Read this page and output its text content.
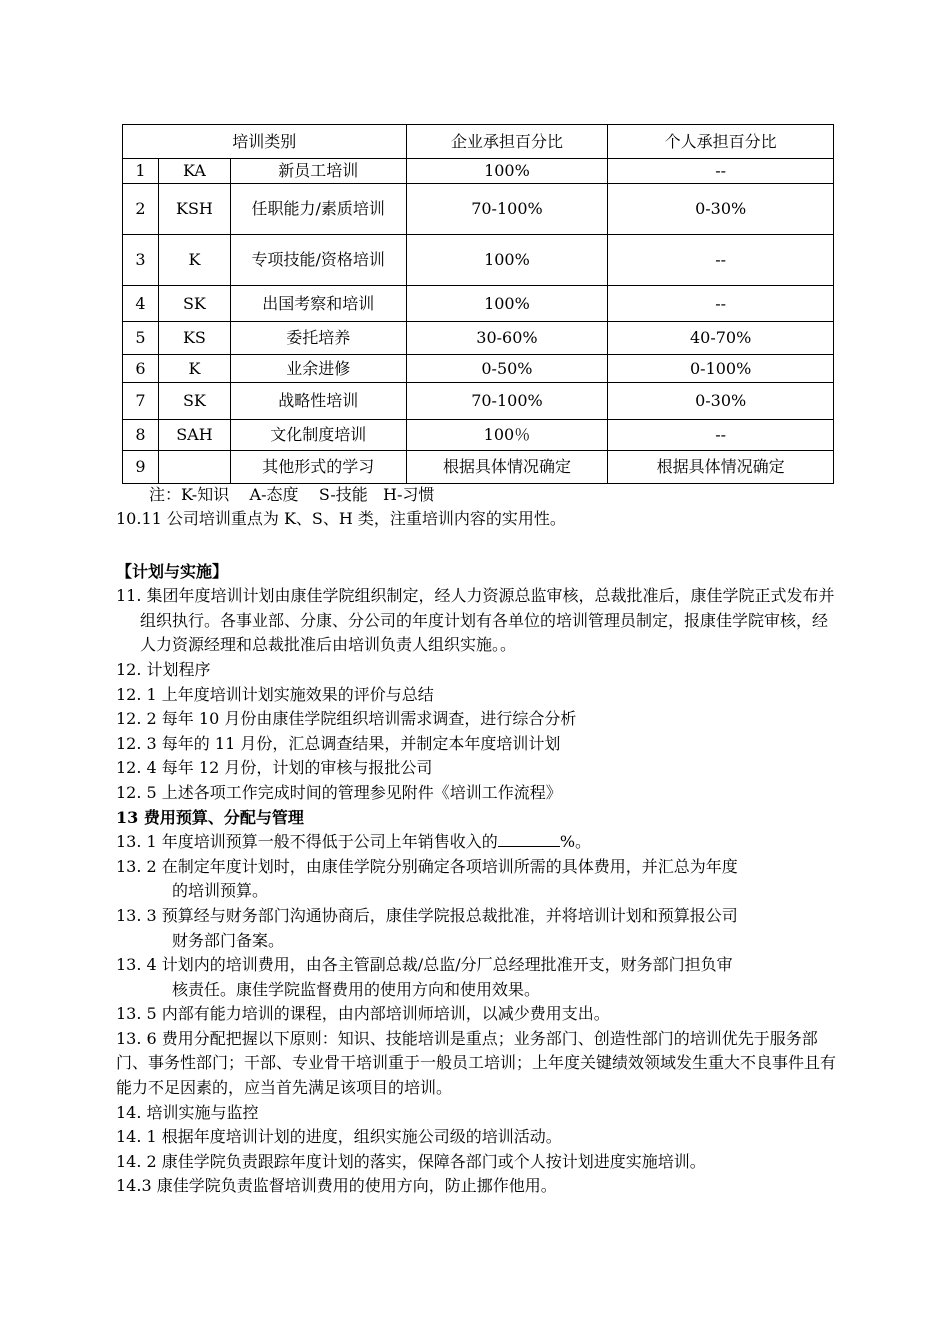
培训类别			企业承担百分比	个人承担百分比
1	KA	新员工培训	100%	--
2	KSH	任职能力/素质培训	70-100%	0-30%
3	K	专项技能/资格培训	100%	--
4	SK	出国考察和培训	100%	--
5	KS	委托培养	30-60%	40-70%
6	K	业余进修	0-50%	0-100%
7	SK	战略性培训	70-100%	0-30%
8	SAH	文化制度培训	100％	--
9		其他形式的学习	根据具体情况确定	根据具体情况确定
注：K-知识    A-态度    S-技能   H-习惯
10.11 公司培训重点为 K、S、H 类，注重培训内容的实用性。
【计划与实施】
11. 集团年度培训计划由康佳学院组织制定，经人力资源总监审核，总裁批准后，康佳学院正式发布并组织执行。各事业部、分康、分公司的年度计划有各单位的培训管理员制定，报康佳学院审核，经人力资源经理和总裁批准后由培训负责人组织实施。。
12. 计划程序
12. 1 上年度培训计划实施效果的评价与总结
12. 2 每年 10 月份由康佳学院组织培训需求调查，进行综合分析
12. 3 每年的 11 月份，汇总调查结果，并制定本年度培训计划
12. 4 每年 12 月份，计划的审核与报批公司
12. 5 上述各项工作完成时间的管理参见附件《培训工作流程》
13 费用预算、分配与管理
13. 1 年度培训预算一般不得低于公司上年销售收入的	%。
13. 2 在制定年度计划时，由康佳学院分别确定各项培训所需的具体费用，并汇总为年度
的培训预算。
13. 3 预算经与财务部门沟通协商后，康佳学院报总裁批准，并将培训计划和预算报公司
财务部门备案。
13. 4 计划内的培训费用，由各主管副总裁/总监/分厂总经理批准开支，财务部门担负审
核责任。康佳学院监督费用的使用方向和使用效果。
13. 5 内部有能力培训的课程，由内部培训师培训，以减少费用支出。
13. 6 费用分配把握以下原则：知识、技能培训是重点；业务部门、创造性部门的培训优先于服务部门、事务性部门；干部、专业骨干培训重于一般员工培训；上年度关键绩效领域发生重大不良事件且有能力不足因素的，应当首先满足该项目的培训。
14. 培训实施与监控
14. 1 根据年度培训计划的进度，组织实施公司级的培训活动。
14. 2 康佳学院负责跟踪年度计划的落实，保障各部门或个人按计划进度实施培训。
14.3 康佳学院负责监督培训费用的使用方向，防止挪作他用。
